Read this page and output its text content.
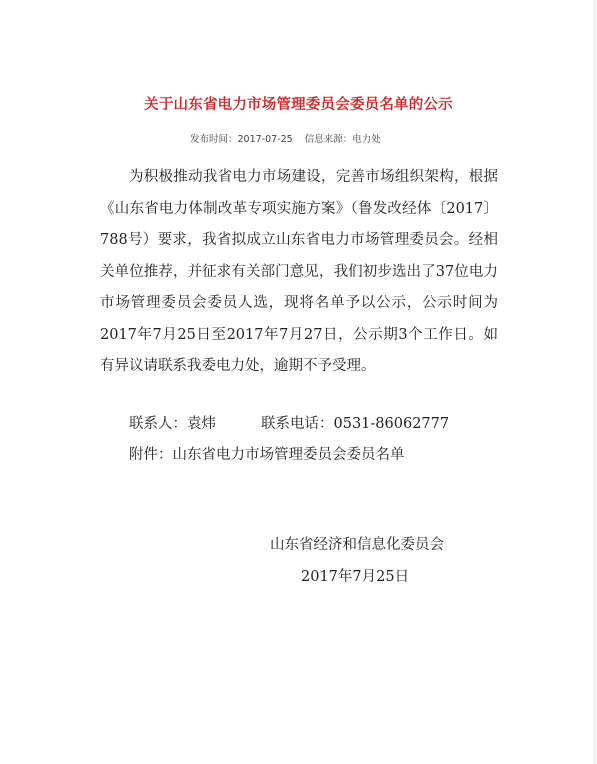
关于山东省电力市场管理委员会委员名单的公示
发布时间：2017-07-25 信息来源：电力处

为积极推动我省电力市场建设，完善市场组织架构，根据《山东省电力体制改革专项实施方案》（鲁发改经体〔2017〕788号）要求，我省拟成立山东省电力市场管理委员会。经相关单位推荐，并征求有关部门意见，我们初步选出了37位电力市场管理委员会委员人选，现将名单予以公示，公示时间为2017年7月25日至2017年7月27日，公示期3个工作日。如有异议请联系我委电力处，逾期不予受理。

联系人：袁炜	联系电话：0531-86062777
附件：山东省电力市场管理委员会委员名单
山东省经济和信息化委员会
2017年7月25日
